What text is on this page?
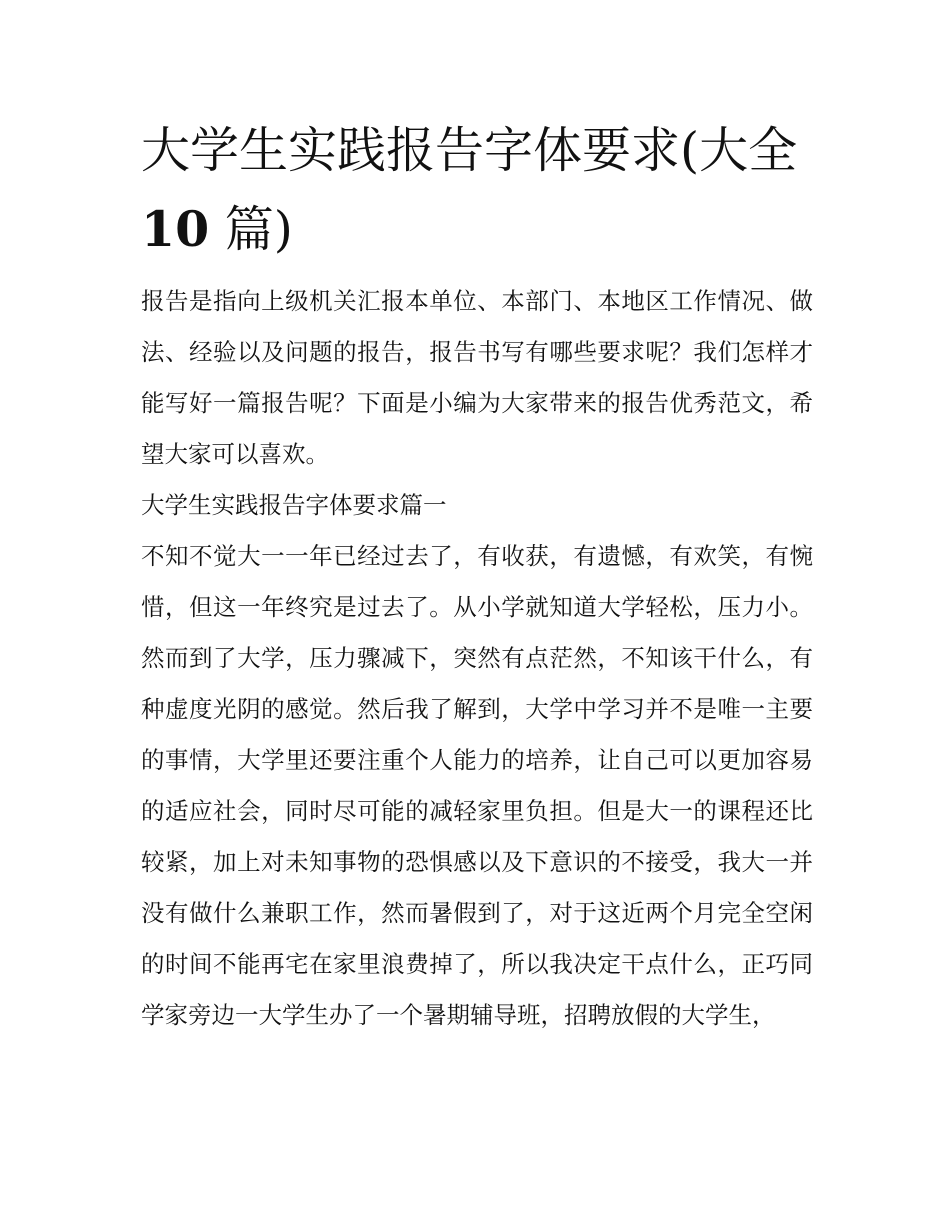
大学生实践报告字体要求(大全10 篇)

报告是指向上级机关汇报本单位、本部门、本地区工作情况、做法、经验以及问题的报告，报告书写有哪些要求呢？我们怎样才能写好一篇报告呢？下面是小编为大家带来的报告优秀范文，希望大家可以喜欢。

大学生实践报告字体要求篇一

不知不觉大一一年已经过去了，有收获，有遗憾，有欢笑，有惋惜，但这一年终究是过去了。从小学就知道大学轻松，压力小。然而到了大学，压力骤减下，突然有点茫然，不知该干什么，有种虚度光阴的感觉。然后我了解到，大学中学习并不是唯一主要的事情，大学里还要注重个人能力的培养，让自己可以更加容易的适应社会，同时尽可能的减轻家里负担。但是大一的课程还比较紧，加上对未知事物的恐惧感以及下意识的不接受，我大一并没有做什么兼职工作，然而暑假到了，对于这近两个月完全空闲的时间不能再宅在家里浪费掉了，所以我决定干点什么，正巧同学家旁边一大学生办了一个暑期辅导班，招聘放假的大学生，
